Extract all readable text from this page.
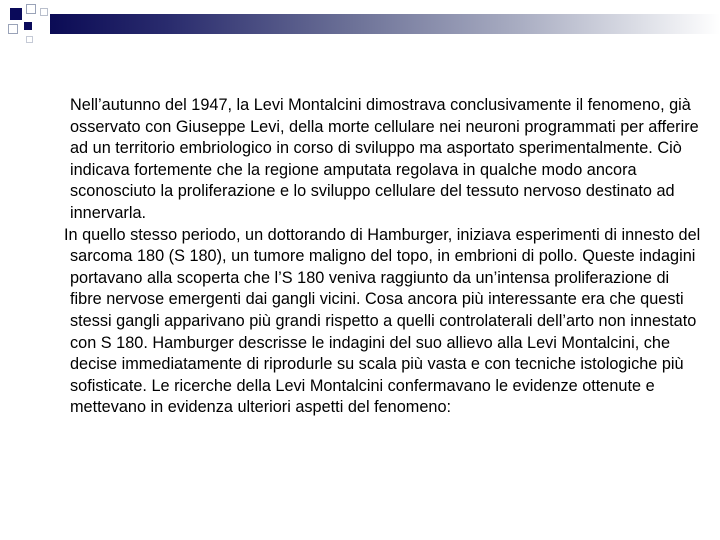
Nell’autunno del 1947, la Levi Montalcini dimostrava conclusivamente il fenomeno, già osservato con Giuseppe Levi, della morte cellulare nei neuroni programmati per afferire ad un territorio embriologico in corso di sviluppo ma asportato sperimentalmente. Ciò indicava fortemente che la regione amputata regolava in qualche modo ancora sconosciuto la proliferazione e lo sviluppo cellulare del tessuto nervoso destinato ad innervarla.

In quello stesso periodo, un dottorando di Hamburger, iniziava esperimenti di innesto del sarcoma 180 (S 180), un tumore maligno del topo, in embrioni di pollo. Queste indagini portavano alla scoperta che l’S 180 veniva raggiunto da un’intensa proliferazione di fibre nervose emergenti dai gangli vicini. Cosa ancora più interessante era che questi stessi gangli apparivano più grandi rispetto a quelli controlaterali dell’arto non innestato con S 180. Hamburger descrisse le indagini del suo allievo alla Levi Montalcini, che decise immediatamente di riprodurle su scala più vasta e con tecniche istologiche più sofisticate. Le ricerche della Levi Montalcini confermavano le evidenze ottenute e mettevano in evidenza ulteriori aspetti del fenomeno:
